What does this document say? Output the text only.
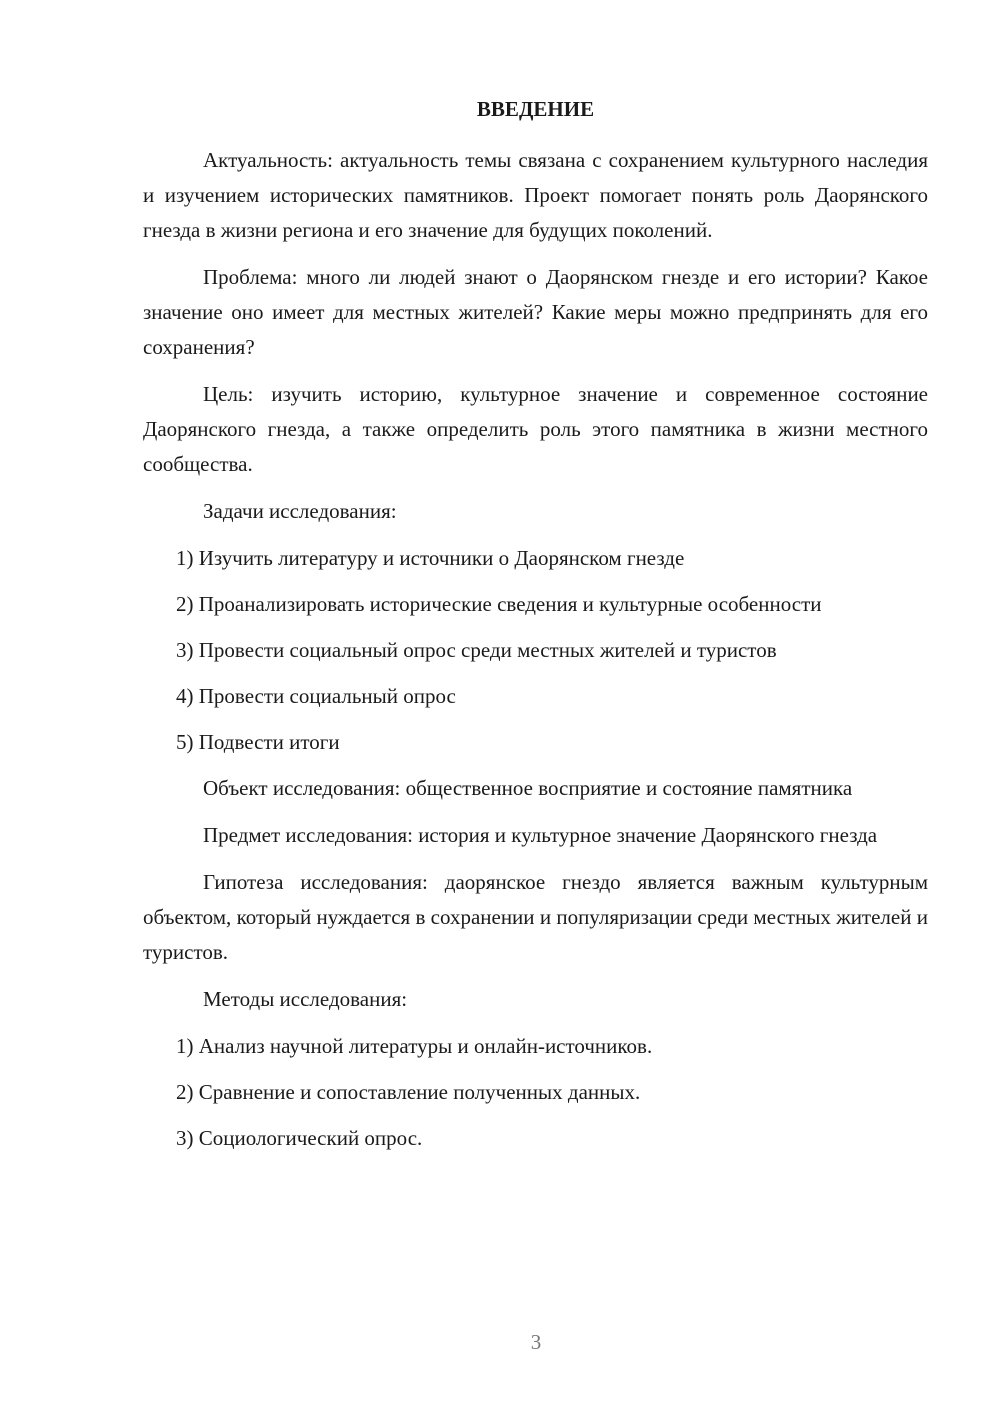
ВВЕДЕНИЕ

Актуальность: актуальность темы связана с сохранением культурного наследия и изучением исторических памятников. Проект помогает понять роль Даорянского гнезда в жизни региона и его значение для будущих поколений.

Проблема: много ли людей знают о Даорянском гнезде и его истории? Какое значение оно имеет для местных жителей? Какие меры можно предпринять для его сохранения?

Цель: изучить историю, культурное значение и современное состояние Даорянского гнезда, а также определить роль этого памятника в жизни местного сообщества.

Задачи исследования:

1) Изучить литературу и источники о Даорянском гнезде

2) Проанализировать исторические сведения и культурные особенности

3) Провести социальный опрос среди местных жителей и туристов

4) Провести социальный опрос

5) Подвести итоги

Объект исследования: общественное восприятие и состояние памятника

Предмет исследования: история и культурное значение Даорянского гнезда

Гипотеза исследования: даорянское гнездо является важным культурным объектом, который нуждается в сохранении и популяризации среди местных жителей и туристов.

Методы исследования:

1) Анализ научной литературы и онлайн-источников.

2) Сравнение и сопоставление полученных данных.

3) Социологический опрос.

3
